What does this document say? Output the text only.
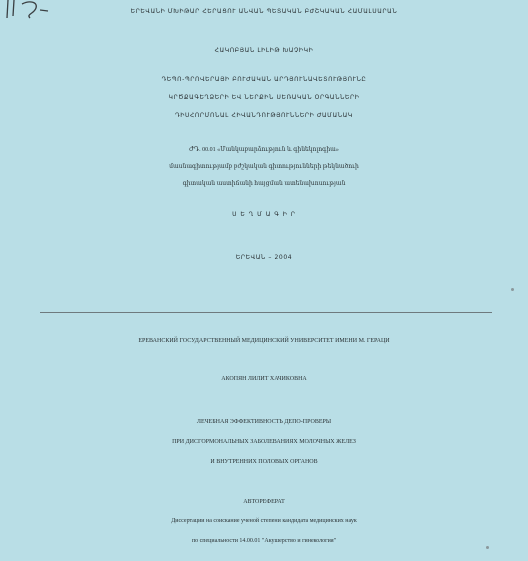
ԵՐԵՎԱՆԻ ՄԽԻԹԱՐ ՀԵՐԱՑՈՒ ԱՆՎԱՆ ՊԵՏԱԿԱՆ ԲԺՇԿԱԿԱՆ ՀԱՄԱԼՍԱՐԱՆ
ՀԱԿՈԲՅԱՆ ԼԻԼԻԹ ԽԱՉԻԿԻ
ԴԵՊՈ-ՊՐՈՎԵՐԱՅԻ ԲՈՒԺԱԿԱՆ ԱՐԴՅՈՒՆԱՎԵՏՈՒԹՅՈՒՆԸ
ԿՐԾՔԱԳԵՂՁԵՐԻ ԵՎ ՆԵՐՔԻՆ ՍԵՌԱԿԱՆ ՕՐԳԱՆՆԵՐԻ
ԴԻՍՀՈՐՄՈՆԱԼ ՀԻՎԱՆԴՈՒԹՅՈՒՆՆԵՐԻ ԺԱՄԱՆԱԿ
ԺԴ. 00.01 «Մանկաբարձություն և գինեկոլոգիա»
մասնագիտությամբ բժշկական գիտությունների թեկնածուի
գիտական աստիճանի հայցման ատենախոսության
Ս Ե Ղ Մ Ա Գ Ի Ր
ԵՐԵՎԱՆ – 2004
ЕРЕВАНСКИЙ ГОСУДАРСТВЕННЫЙ МЕДИЦИНСКИЙ УНИВЕРСИТЕТ ИМЕНИ М. ГЕРАЦИ
АКОПЯН ЛИЛИТ ХАЧИКОВНА
ЛЕЧЕБНАЯ ЭФФЕКТИВНОСТЬ ДЕПО-ПРОВЕРЫ
ПРИ ДИСГОРМОНАЛЬНЫХ ЗАБОЛЕВАНИЯХ МОЛОЧНЫХ ЖЕЛЕЗ
И ВНУТРЕННИХ ПОЛОВЫХ ОРГАНОВ
АВТОРЕФЕРАТ
Диссертации на соискание ученой степени кандидата медицинских наук
по специальности 14.00.01 "Акушерство и гинекология"
